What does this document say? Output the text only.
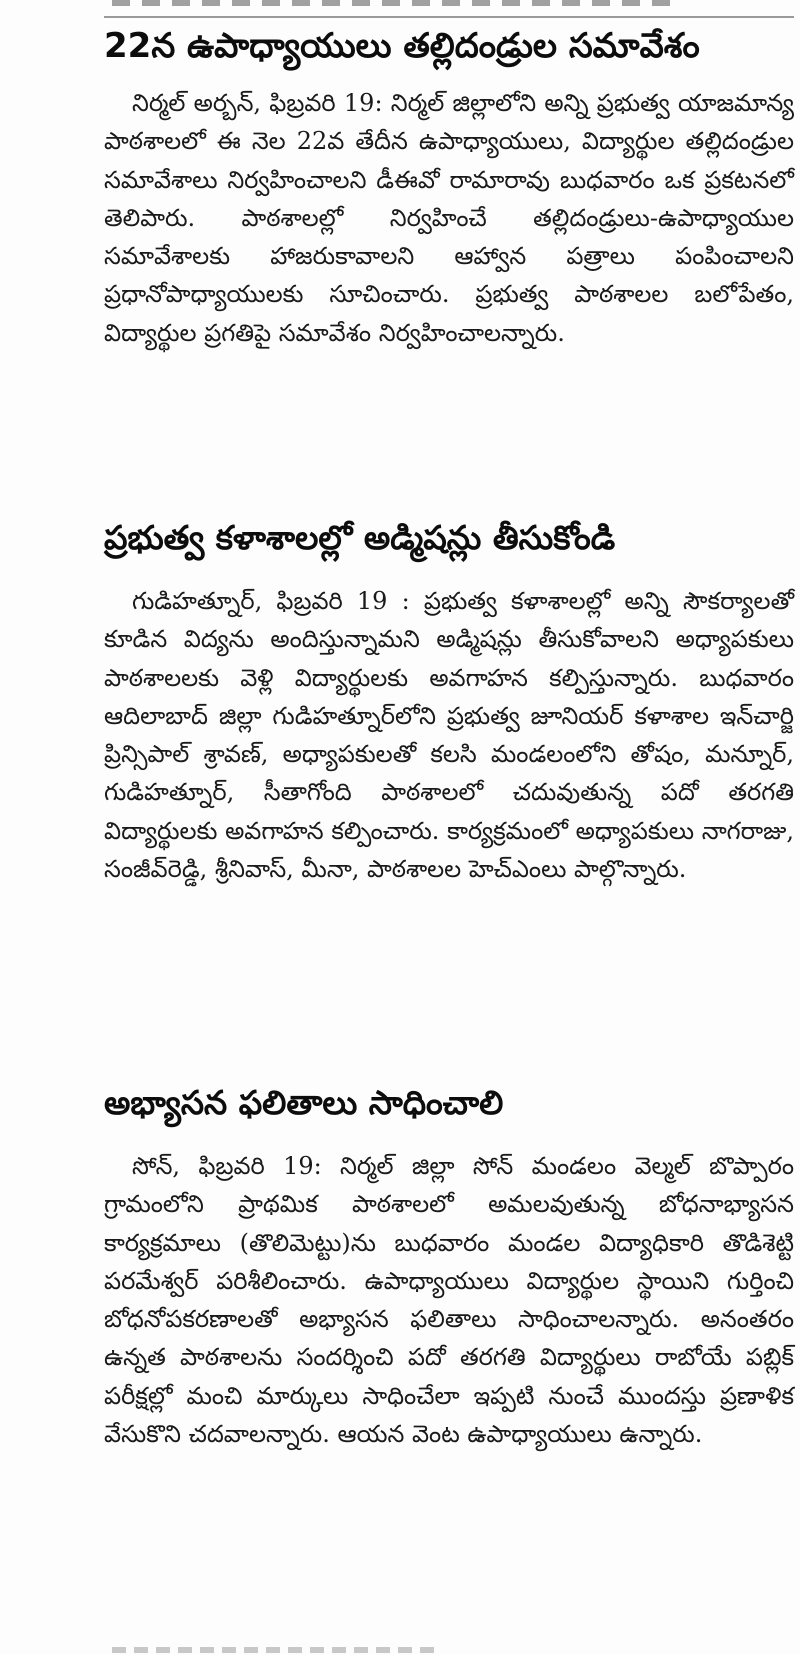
22న ఉపాధ్యాయులు తల్లిదండ్రుల సమావేశం

నిర్మల్ అర్బన్, ఫిబ్రవరి 19: నిర్మల్ జిల్లాలోని అన్ని ప్రభుత్వ యాజమాన్య పాఠశాలలో ఈ నెల 22వ తేదీన ఉపాధ్యాయులు, విద్యార్థుల తల్లిదండ్రుల సమావేశాలు నిర్వహించాలని డీఈవో రామారావు బుధవారం ఒక ప్రకటనలో తెలిపారు. పాఠశాలల్లో నిర్వహించే తల్లిదండ్రులు-ఉపాధ్యాయుల సమావేశాలకు హాజరుకావాలని ఆహ్వాన పత్రాలు పంపించాలని ప్రధానోపాధ్యాయులకు సూచించారు. ప్రభుత్వ పాఠశాలల బలోపేతం, విద్యార్థుల ప్రగతిపై సమావేశం నిర్వహించాలన్నారు.

ప్రభుత్వ కళాశాలల్లో అడ్మిషన్లు తీసుకోండి

గుడిహత్నూర్, ఫిబ్రవరి 19 : ప్రభుత్వ కళాశాలల్లో అన్ని సౌకర్యాలతో కూడిన విద్యను అందిస్తున్నామని అడ్మిషన్లు తీసుకోవాలని అధ్యాపకులు పాఠశాలలకు వెళ్లి విద్యార్థులకు అవగాహన కల్పిస్తున్నారు. బుధవారం ఆదిలాబాద్ జిల్లా గుడిహత్నూర్‌లోని ప్రభుత్వ జూనియర్ కళాశాల ఇన్‌చార్జి ప్రిన్సిపాల్ శ్రావణ్, అధ్యాపకులతో కలసి మండలంలోని తోషం, మన్నూర్, గుడిహత్నూర్, సీతాగోంది పాఠశాలలో చదువుతున్న పదో తరగతి విద్యార్థులకు అవగాహన కల్పించారు. కార్యక్రమంలో అధ్యాపకులు నాగరాజు, సంజీవ్‌రెడ్డి, శ్రీనివాస్, మీనా, పాఠశాలల హెచ్‌ఎంలు పాల్గొన్నారు.

అభ్యాసన ఫలితాలు సాధించాలి

సోన్, ఫిబ్రవరి 19: నిర్మల్ జిల్లా సోన్ మండలం వెల్మల్ బొప్పారం గ్రామంలోని ప్రాథమిక పాఠశాలలో అమలవుతున్న బోధనాభ్యాసన కార్యక్రమాలు (తొలిమెట్టు)ను బుధవారం మండల విద్యాధికారి తొడిశెట్టి పరమేశ్వర్ పరిశీలించారు. ఉపాధ్యాయులు విద్యార్థుల స్థాయిని గుర్తించి బోధనోపకరణాలతో అభ్యాసన ఫలితాలు సాధించాలన్నారు. అనంతరం ఉన్నత పాఠశాలను సందర్శించి పదో తరగతి విద్యార్థులు రాబోయే పబ్లిక్ పరీక్షల్లో మంచి మార్కులు సాధించేలా ఇప్పటి నుంచే ముందస్తు ప్రణాళిక వేసుకొని చదవాలన్నారు. ఆయన వెంట ఉపాధ్యాయులు ఉన్నారు.
